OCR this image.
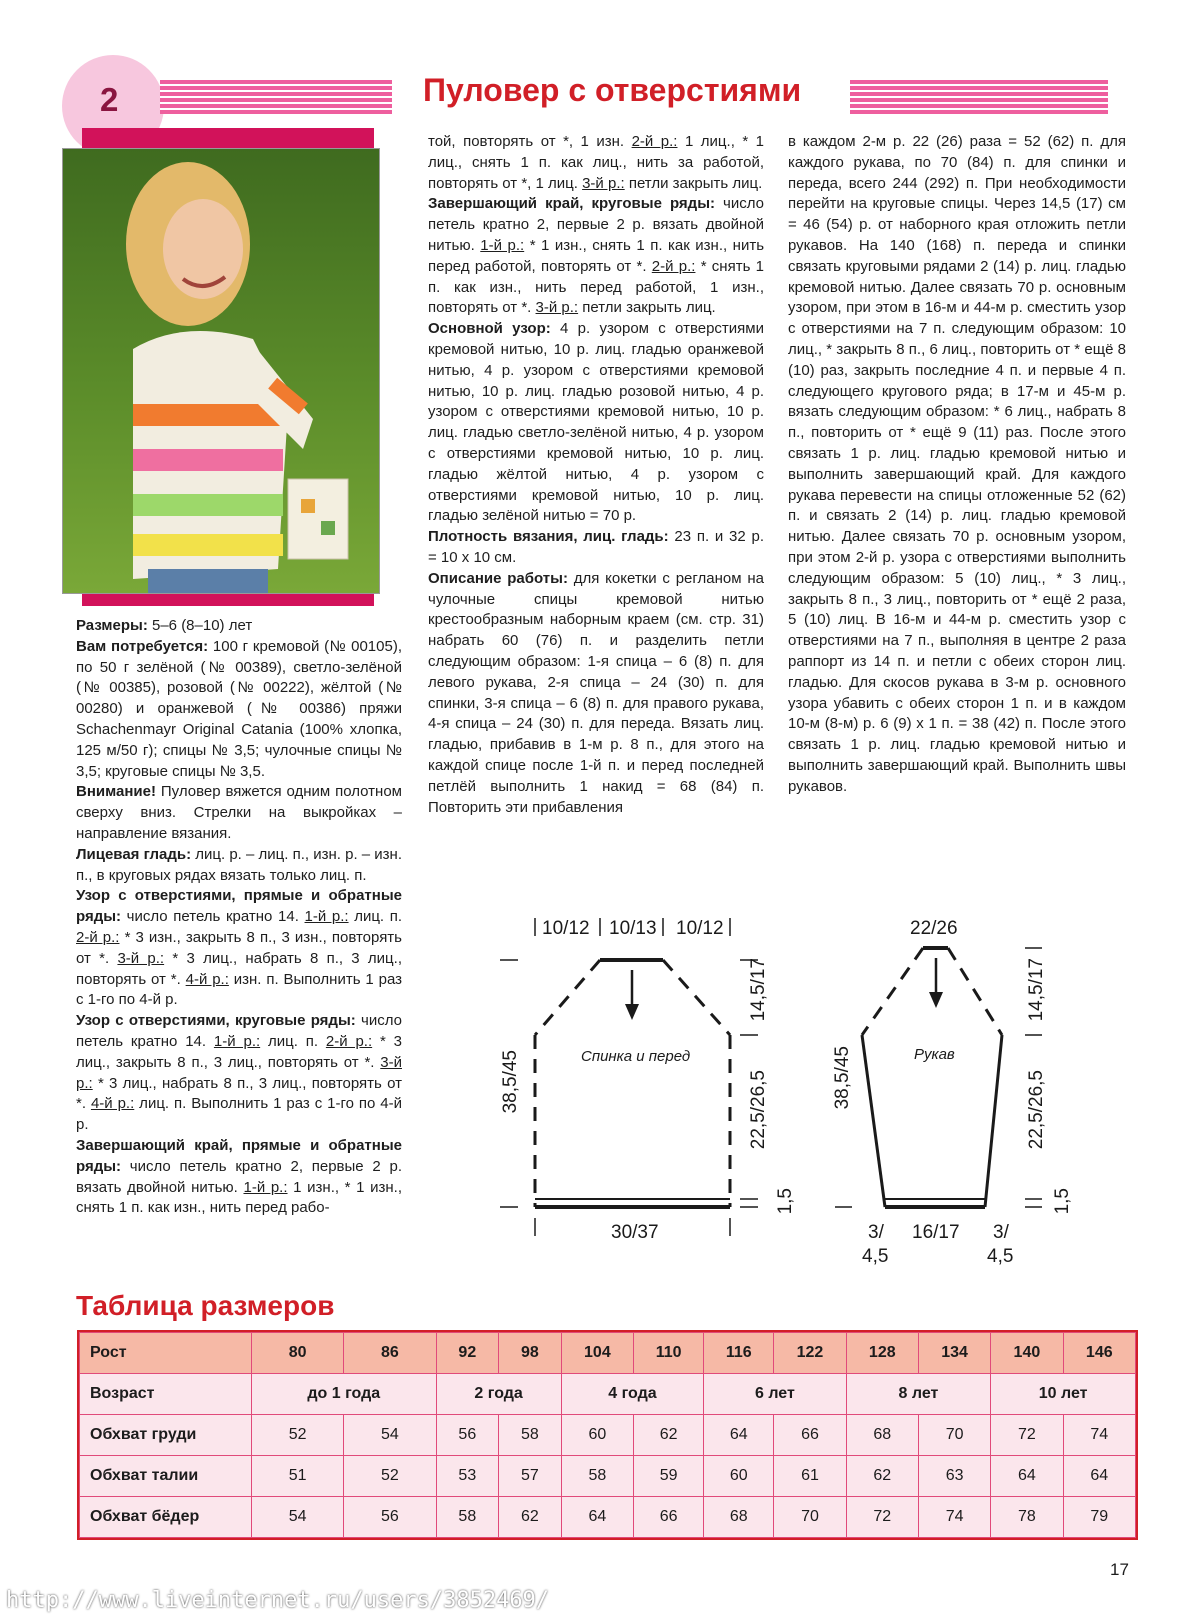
2	Пуловер с отверстиями

Размеры: 5–6 (8–10) лет

Вам потребуется: 100 г кремовой (№ 00105), по 50 г зелёной (№ 00389), светло-зелёной (№ 00385), розовой (№ 00222), жёлтой (№ 00280) и оранжевой (№ 00386) пряжи Schachenmayr Original Catania (100% хлопка, 125 м/50 г); спицы № 3,5; чулочные спицы № 3,5; круговые спицы № 3,5.

Внимание! Пуловер вяжется одним полотном сверху вниз. Стрелки на выкройках – направление вязания.

Лицевая гладь: лиц. р. – лиц. п., изн. р. – изн. п., в круговых рядах вязать только лиц. п.

Узор с отверстиями, прямые и обратные ряды: число петель кратно 14. 1-й р.: лиц. п. 2-й р.: * 3 изн., закрыть 8 п., 3 изн., повторять от *. 3-й р.: * 3 лиц., набрать 8 п., 3 лиц., повторять от *. 4-й р.: изн. п. Выполнить 1 раз с 1-го по 4-й р.

Узор с отверстиями, круговые ряды: число петель кратно 14. 1-й р.: лиц. п. 2-й р.: * 3 лиц., закрыть 8 п., 3 лиц., повторять от *. 3-й р.: * 3 лиц., набрать 8 п., 3 лиц., повторять от *. 4-й р.: лиц. п. Выполнить 1 раз с 1-го по 4-й р.

Завершающий край, прямые и обратные ряды: число петель кратно 2, первые 2 р. вязать двойной нитью. 1-й р.: 1 изн., * 1 изн., снять 1 п. как изн., нить перед рабо-

той, повторять от *, 1 изн. 2-й р.: 1 лиц., * 1 лиц., снять 1 п. как лиц., нить за работой, повторять от *, 1 лиц. 3-й р.: петли закрыть лиц.

Завершающий край, круговые ряды: число петель кратно 2, первые 2 р. вязать двойной нитью. 1-й р.: * 1 изн., снять 1 п. как изн., нить перед работой, повторять от *. 2-й р.: * снять 1 п. как изн., нить перед работой, 1 изн., повторять от *. 3-й р.: петли закрыть лиц.

Основной узор: 4 р. узором с отверстиями кремовой нитью, 10 р. лиц. гладью оранжевой нитью, 4 р. узором с отверстиями кремовой нитью, 10 р. лиц. гладью розовой нитью, 4 р. узором с отверстиями кремовой нитью, 10 р. лиц. гладью светло-зелёной нитью, 4 р. узором с отверстиями кремовой нитью, 10 р. лиц. гладью жёлтой нитью, 4 р. узором с отверстиями кремовой нитью, 10 р. лиц. гладью зелёной нитью = 70 р.

Плотность вязания, лиц. гладь: 23 п. и 32 р. = 10 х 10 см.

Описание работы: для кокетки с регланом на чулочные спицы кремовой нитью крестообразным наборным краем (см. стр. 31) набрать 60 (76) п. и разделить петли следующим образом: 1-я спица – 6 (8) п. для левого рукава, 2-я спица – 24 (30) п. для спинки, 3-я спица – 6 (8) п. для правого рукава, 4-я спица – 24 (30) п. для переда. Вязать лиц. гладью, прибавив в 1-м р. 8 п., для этого на каждой спице после 1-й п. и перед последней петлёй выполнить 1 накид = 68 (84) п. Повторить эти прибавления

в каждом 2-м р. 22 (26) раза = 52 (62) п. для каждого рукава, по 70 (84) п. для спинки и переда, всего 244 (292) п. При необходимости перейти на круговые спицы. Через 14,5 (17) см = 46 (54) р. от наборного края отложить петли рукавов. На 140 (168) п. переда и спинки связать круговыми рядами 2 (14) р. лиц. гладью кремовой нитью. Далее связать 70 р. основным узором, при этом в 16-м и 44-м р. сместить узор с отверстиями на 7 п. следующим образом: 10 лиц., * закрыть 8 п., 6 лиц., повторить от * ещё 8 (10) раз, закрыть последние 4 п. и первые 4 п. следующего кругового ряда; в 17-м и 45-м р. вязать следующим образом: * 6 лиц., набрать 8 п., повторить от * ещё 9 (11) раз. После этого связать 1 р. лиц. гладью кремовой нитью и выполнить завершающий край. Для каждого рукава перевести на спицы отложенные 52 (62) п. и связать 2 (14) р. лиц. гладью кремовой нитью. Далее связать 70 р. основным узором, при этом 2-й р. узора с отверстиями выполнить следующим образом: 5 (10) лиц., * 3 лиц., закрыть 8 п., 3 лиц., повторить от * ещё 2 раза, 5 (10) лиц. В 16-м и 44-м р. сместить узор с отверстиями на 7 п., выполняя в центре 2 раза раппорт из 14 п. и петли с обеих сторон лиц. гладью. Для скосов рукава в 3-м р. основного узора убавить с обеих сторон 1 п. и в каждом 10-м (8-м) р. 6 (9) х 1 п. = 38 (42) п. После этого связать 1 р. лиц. гладью кремовой нитью и выполнить завершающий край. Выполнить швы рукавов.

10/12 10/13 10/12
Спинка и перед
38,5/45
14,5/17
22,5/26,5
1,5
30/37
22/26
Рукав
38,5/45
14,5/17
22,5/26,5
1,5
3/
4,5
16/17 3/
4,5
Таблица размеров
Рост	80	86	92	98	104	110	116	122	128	134	140	146
Возраст	до 1 года		2 года		4 года		6 лет		8 лет		10 лет	
Обхват груди	52	54	56	58	60	62	64	66	68	70	72	74
Обхват талии	51	52	53	57	58	59	60	61	62	63	64	64
Обхват бёдер	54	56	58	62	64	66	68	70	72	74	78	79
17
http://www.liveinternet.ru/users/3852469/
